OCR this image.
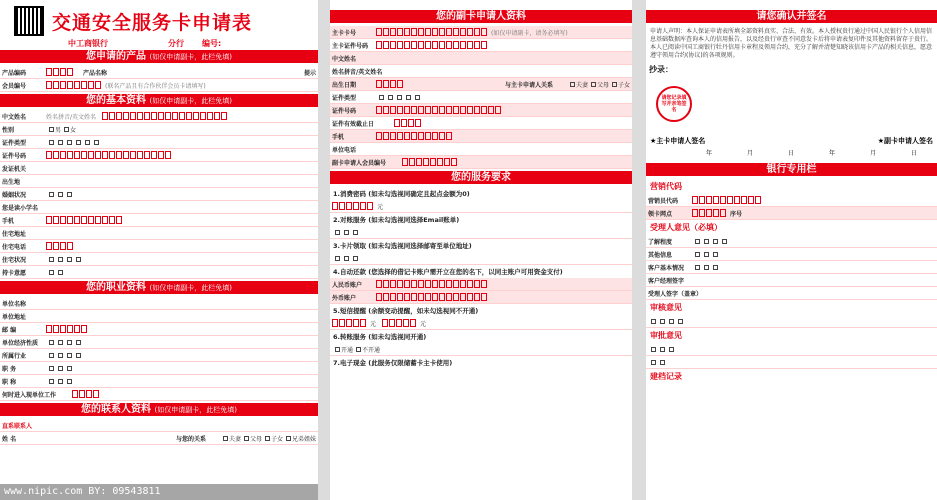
交通安全服务卡申请表
中工商银行	分行 编号:
您申请的产品 (如仅申请副卡，此栏免填)
产品编码	产品名称	提示
会员编号	(联名产品且有合作伙伴会员卡请填写)
您的基本资料 (如仅申请副卡，此栏免填)
中文姓名	姓名拼音/英文姓名
性别	男 女
证件类型
证件号码
发证机关
出生地
婚姻状况
您是读小学名
手机
住宅地址
住宅电话
住宅状况
持卡意愿
您的职业资料 (如仅申请副卡，此栏免填)
单位名称
单位地址
邮 编
单位经济性质
所属行业
职 务
职 称
何时进入现单位工作
您的联系人资料 (如仅申请副卡，此栏免填)
直系联系人
姓 名	与您的关系	夫妻 父母 子女 兄弟姐妹
www.nipic.com BY: 09543811
您的副卡申请人资料
主卡卡号	(如仅申请副卡，请务必填写)
主卡证件号码
中文姓名
姓名拼音/英文姓名
出生日期	与主卡申请人关系	夫妻 父母 子女
证件类型
证件号码
证件有效截止日
手机
单位电话
副卡申请人会员编号
您的服务要求
1.消费密码 (如未勾选视同确定且起点金额为0)
元
2.对账服务 (如未勾选视同选择Email账单)
3.卡片领取 (如未勾选视同选择邮寄至单位地址)
4.自动还款 (您选择的借记卡账户需开立在您的名下，以同主账户可用资金支付)
人民币账户
外币账户
5.短信提醒 (余额变动提醒，如未勾选视同不开通)
元	元
6.转账服务 (如未勾选视同开通)
开通 不开通
7.电子现金 (此服务仅限储蓄卡主卡使用)
请您确认并签名
申请人声明：本人保证申请表所填全部资料真实、合法、有效。本人授权贵行通过中国人民银行个人信用信息基础数据库查询本人的信用报告，以及经贵行审查不同意发卡后将申请表复印件及其他资料留存于贵行。本人已阅读中国工商银行牡丹信用卡章程及领用合约，充分了解并清楚知晓该信用卡产品的相关信息，愿意遵守领用合约(协议)的各项规则。
抄录：
请您记录填写并亲笔签名
★主卡申请人签名	★副卡申请人签名
年	月	日	年	月	日
银行专用栏
营销代码
营销员代码
领卡网点	序号
受理人意见（必填）
了解程度
其他信息
客户基本情况
客户经理签字
受理人签字（盖章）
审核意见
审批意见
建档记录
